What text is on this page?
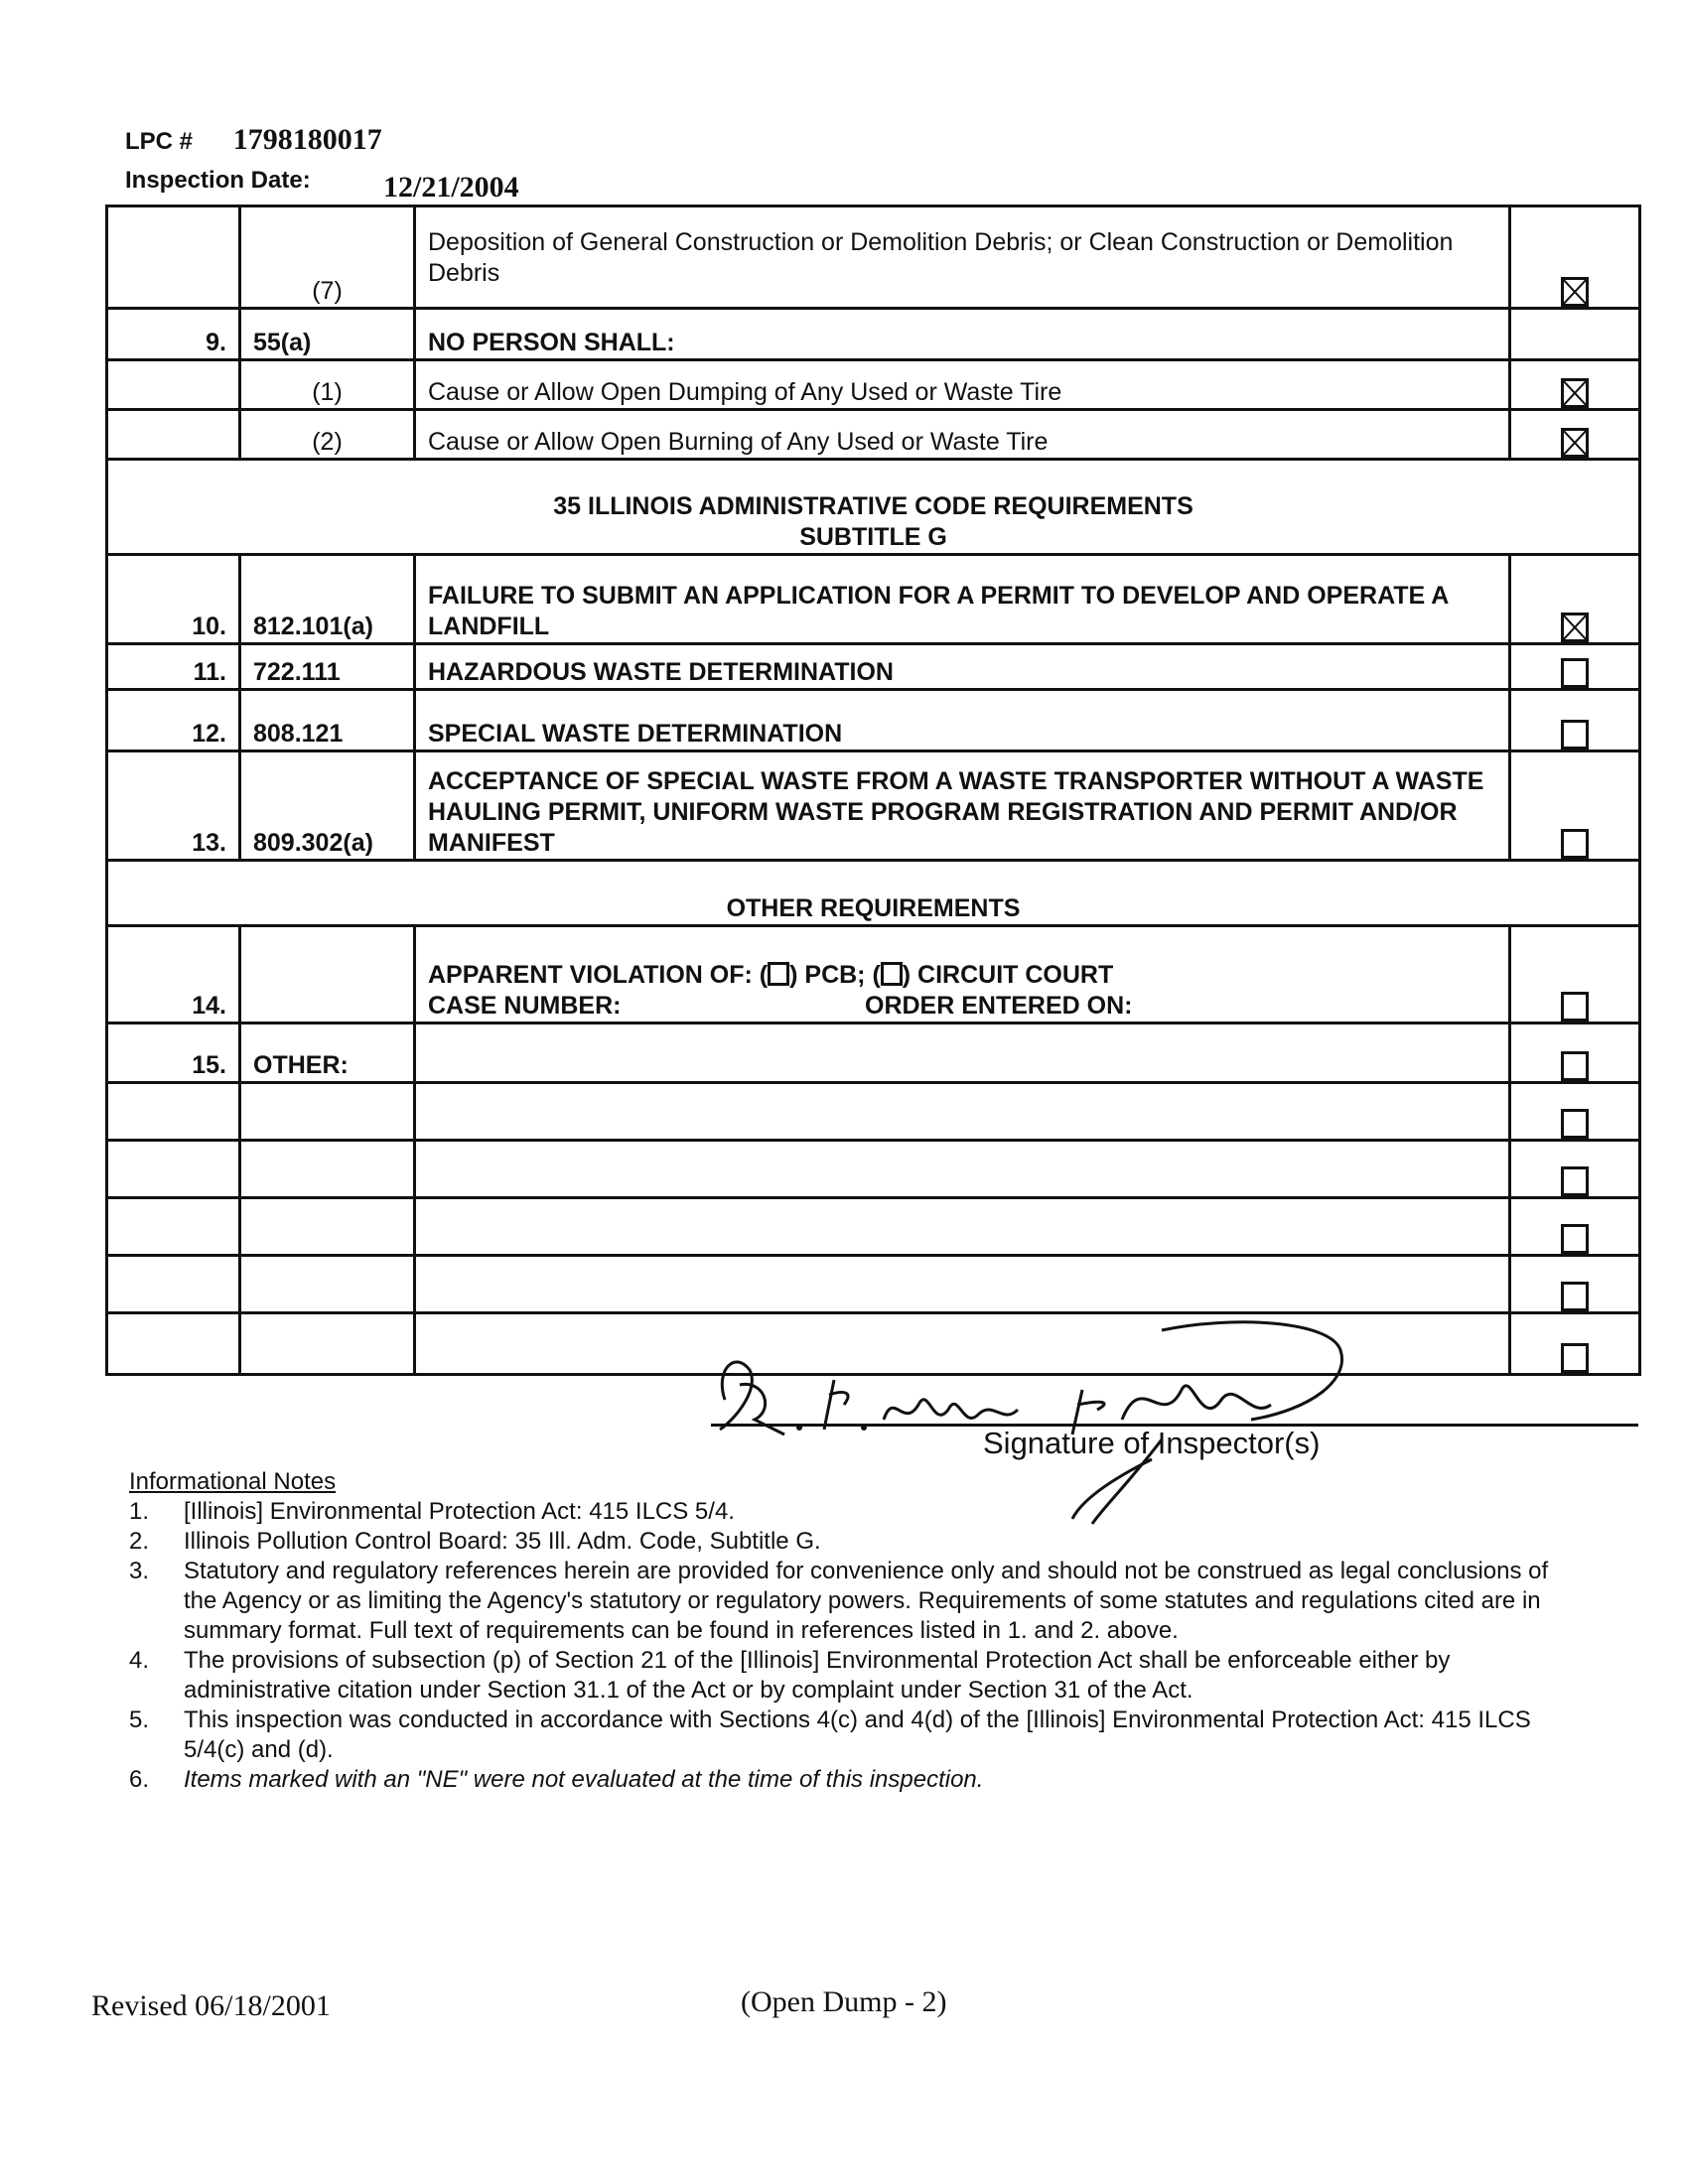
LPC # 1798180017
Inspection Date: 12/21/2004
	(7)	Deposition of General Construction or Demolition Debris; or Clean Construction or Demolition Debris	
9.	55(a)	NO PERSON SHALL:	
	(1)	Cause or Allow Open Dumping of Any Used or Waste Tire	
	(2)	Cause or Allow Open Burning of Any Used or Waste Tire	

35 ILLINOIS ADMINISTRATIVE CODE REQUIREMENTS
SUBTITLE G			

10.	812.101(a)	FAILURE TO SUBMIT AN APPLICATION FOR A PERMIT TO DEVELOP AND OPERATE A LANDFILL	
11.	722.111	HAZARDOUS WASTE DETERMINATION	
12.	808.121	SPECIAL WASTE DETERMINATION	
13.	809.302(a)	ACCEPTANCE OF SPECIAL WASTE FROM A WASTE TRANSPORTER WITHOUT A WASTE HAULING PERMIT, UNIFORM WASTE PROGRAM REGISTRATION AND PERMIT AND/OR MANIFEST	

OTHER REQUIREMENTS			

14.		APPARENT VIOLATION OF: ( ) PCB; ( ) CIRCUIT COURT
CASE NUMBER: ORDER ENTERED ON:	

15.	OTHER:		

Signature of Inspector(s)
Informational Notes
1.	[Illinois] Environmental Protection Act: 415 ILCS 5/4.
2.	Illinois Pollution Control Board: 35 Ill. Adm. Code, Subtitle G.
3.	Statutory and regulatory references herein are provided for convenience only and should not be construed as legal conclusions of the Agency or as limiting the Agency's statutory or regulatory powers. Requirements of some statutes and regulations cited are in summary format. Full text of requirements can be found in references listed in 1. and 2. above.
4.	The provisions of subsection (p) of Section 21 of the [Illinois] Environmental Protection Act shall be enforceable either by administrative citation under Section 31.1 of the Act or by complaint under Section 31 of the Act.
5.	This inspection was conducted in accordance with Sections 4(c) and 4(d) of the [Illinois] Environmental Protection Act: 415 ILCS 5/4(c) and (d).
6.	Items marked with an "NE" were not evaluated at the time of this inspection.
Revised 06/18/2001	(Open Dump - 2)
